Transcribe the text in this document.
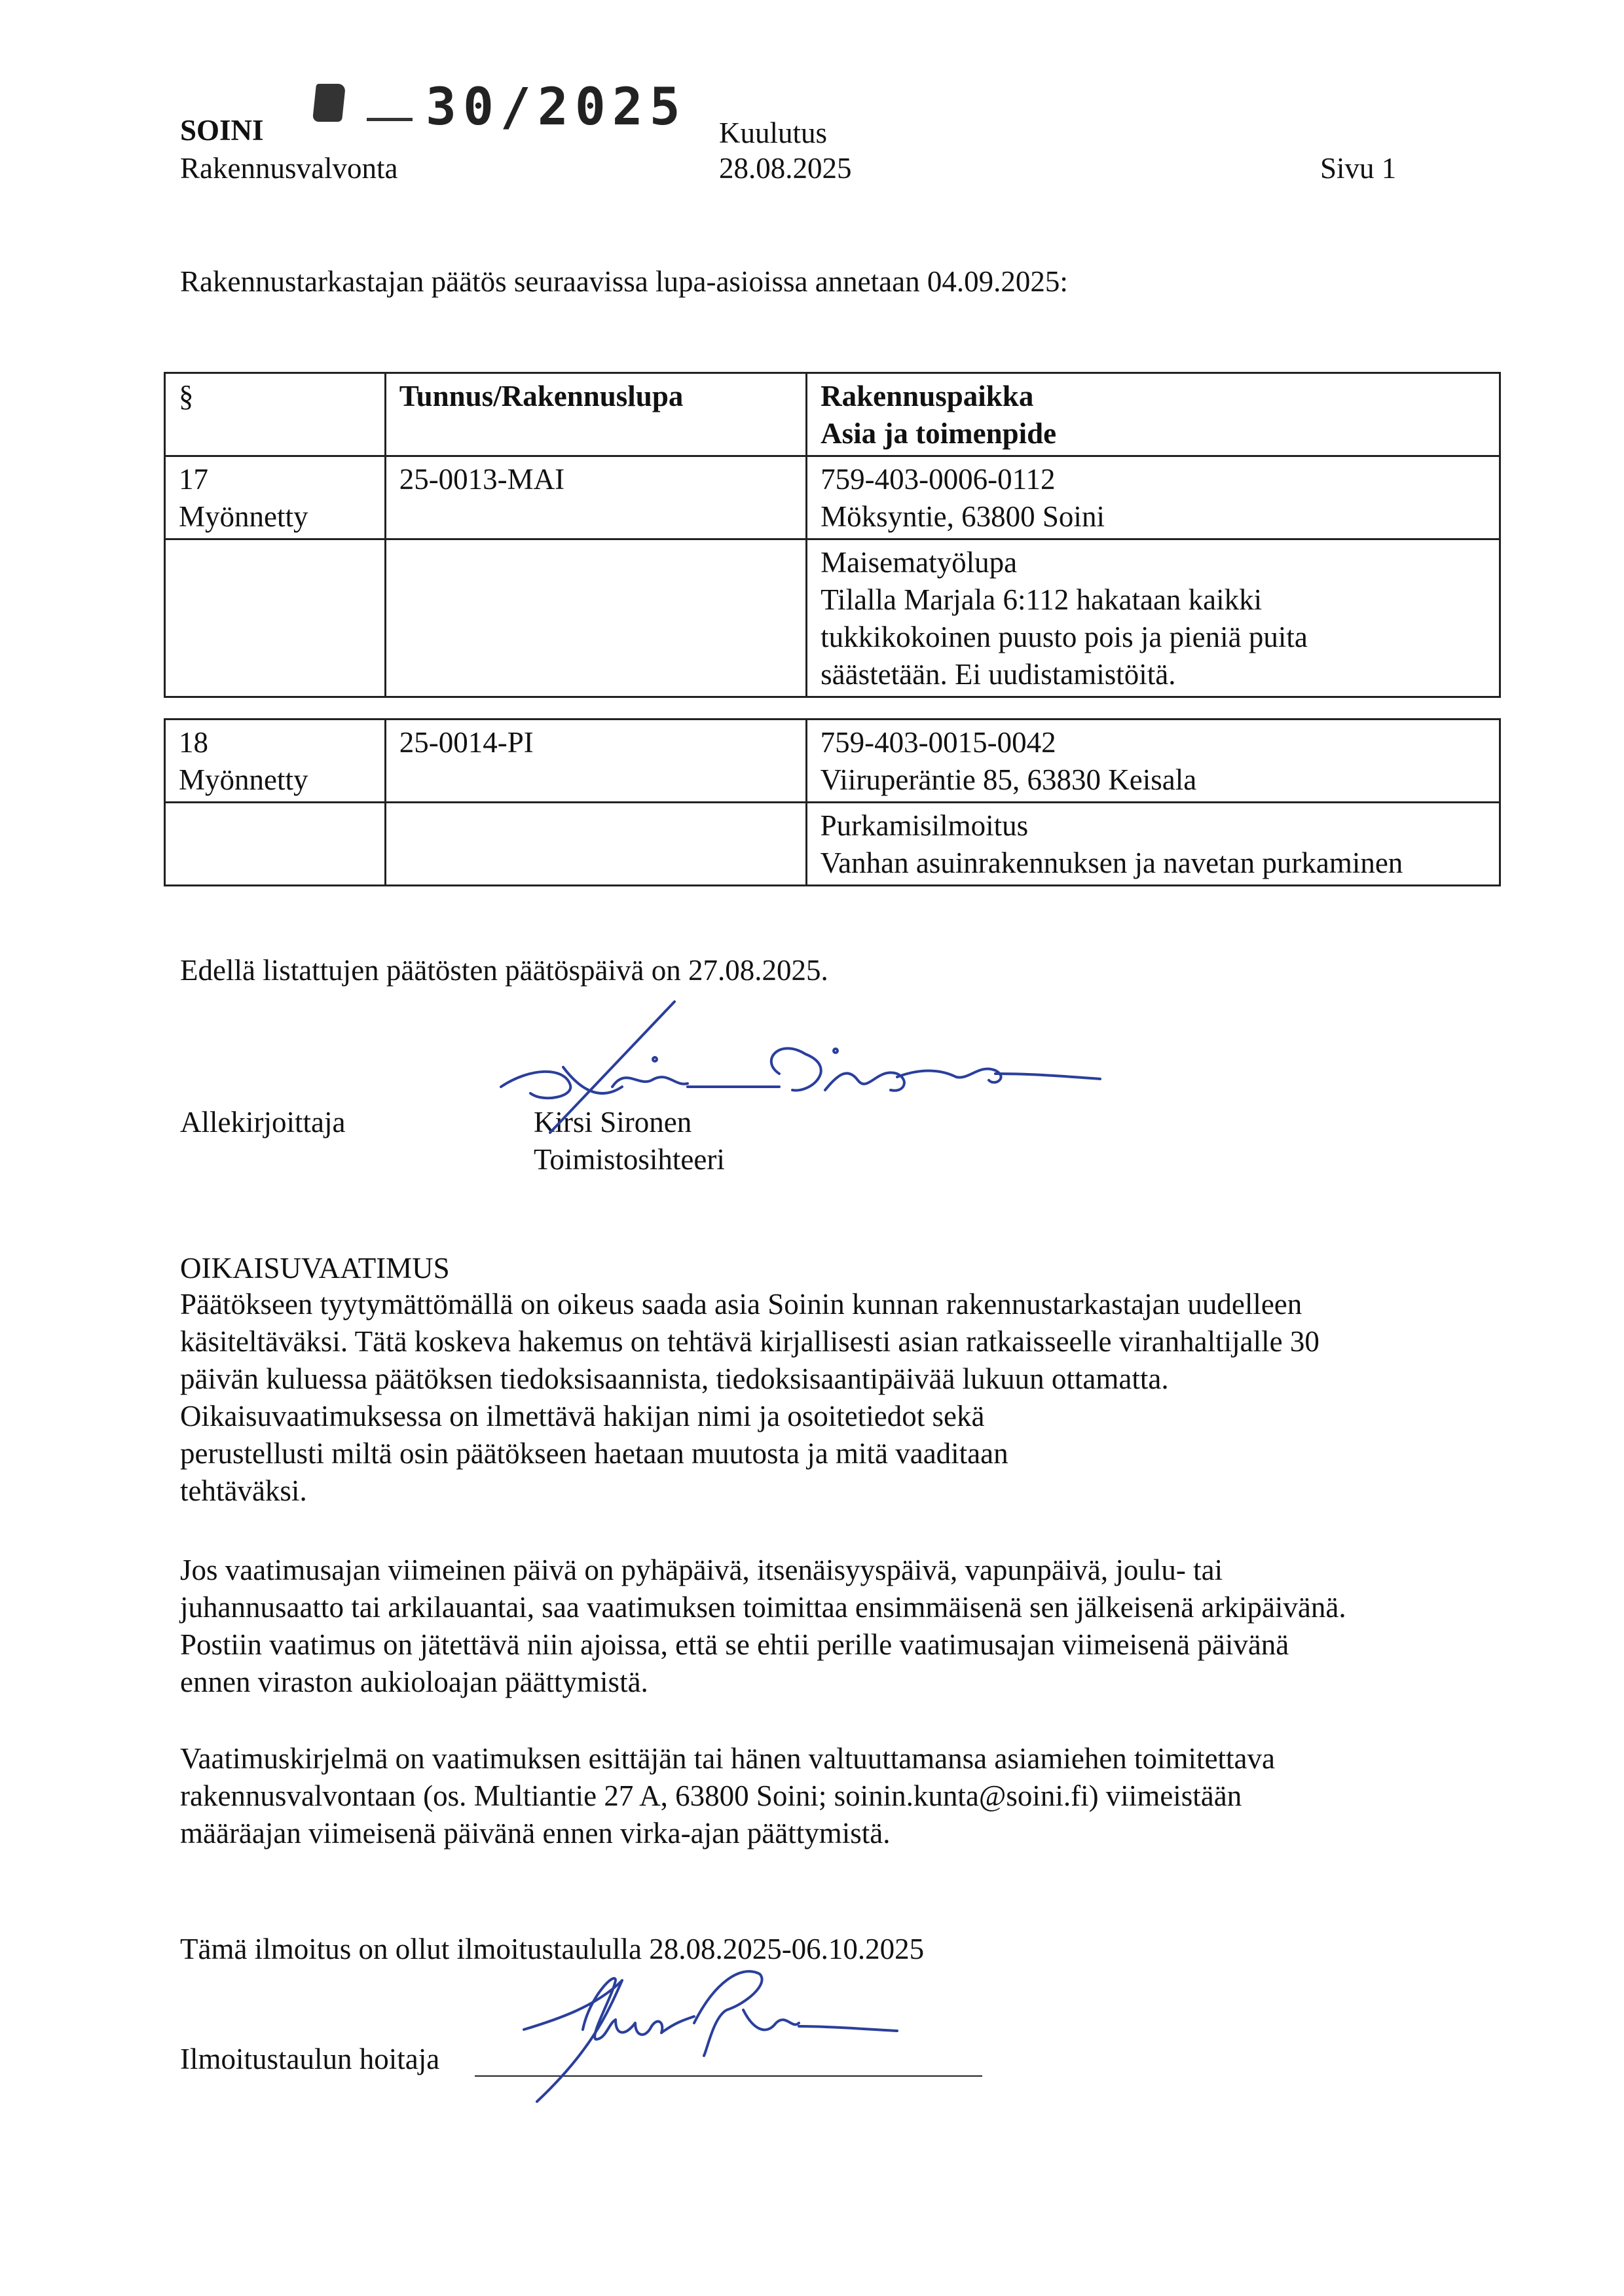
SOINI	30/2025 Kuulutus
Rakennusvalvonta	28.08.2025	Sivu 1
Rakennustarkastajan päätös seuraavissa lupa-asioissa annetaan 04.09.2025:
§	Tunnus/Rakennuslupa	Rakennuspaikka
Asia ja toimenpide

17
Myönnetty	25-0013-MAI	759-403-0006-0112
Möksyntie, 63800 Soini

		Maisematyölupa
Tilalla Marjala 6:112 hakataan kaikki
tukkikokoinen puusto pois ja pieniä puita
säästetään. Ei uudistamistöitä.
18
Myönnetty	25-0014-PI	759-403-0015-0042
Viiruperäntie 85, 63830 Keisala

		Purkamisilmoitus
Vanhan asuinrakennuksen ja navetan purkaminen
Edellä listattujen päätösten päätöspäivä on 27.08.2025.
Allekirjoittaja	Kirsi Sironen
Toimistosihteeri
OIKAISUVAATIMUS
Päätökseen tyytymättömällä on oikeus saada asia Soinin kunnan rakennustarkastajan uudelleen
käsiteltäväksi. Tätä koskeva hakemus on tehtävä kirjallisesti asian ratkaisseelle viranhaltijalle 30
päivän kuluessa päätöksen tiedoksisaannista, tiedoksisaantipäivää lukuun ottamatta.
Oikaisuvaatimuksessa on ilmettävä hakijan nimi ja osoitetiedot sekä
perustellusti miltä osin päätökseen haetaan muutosta ja mitä vaaditaan
tehtäväksi.
Jos vaatimusajan viimeinen päivä on pyhäpäivä, itsenäisyyspäivä, vapunpäivä, joulu- tai
juhannusaatto tai arkilauantai, saa vaatimuksen toimittaa ensimmäisenä sen jälkeisenä arkipäivänä.
Postiin vaatimus on jätettävä niin ajoissa, että se ehtii perille vaatimusajan viimeisenä päivänä
ennen viraston aukioloajan päättymistä.
Vaatimuskirjelmä on vaatimuksen esittäjän tai hänen valtuuttamansa asiamiehen toimitettava
rakennusvalvontaan (os. Multiantie 27 A, 63800 Soini; soinin.kunta@soini.fi) viimeistään
määräajan viimeisenä päivänä ennen virka-ajan päättymistä.
Tämä ilmoitus on ollut ilmoitustaululla 28.08.2025-06.10.2025
Ilmoitustaulun hoitaja
